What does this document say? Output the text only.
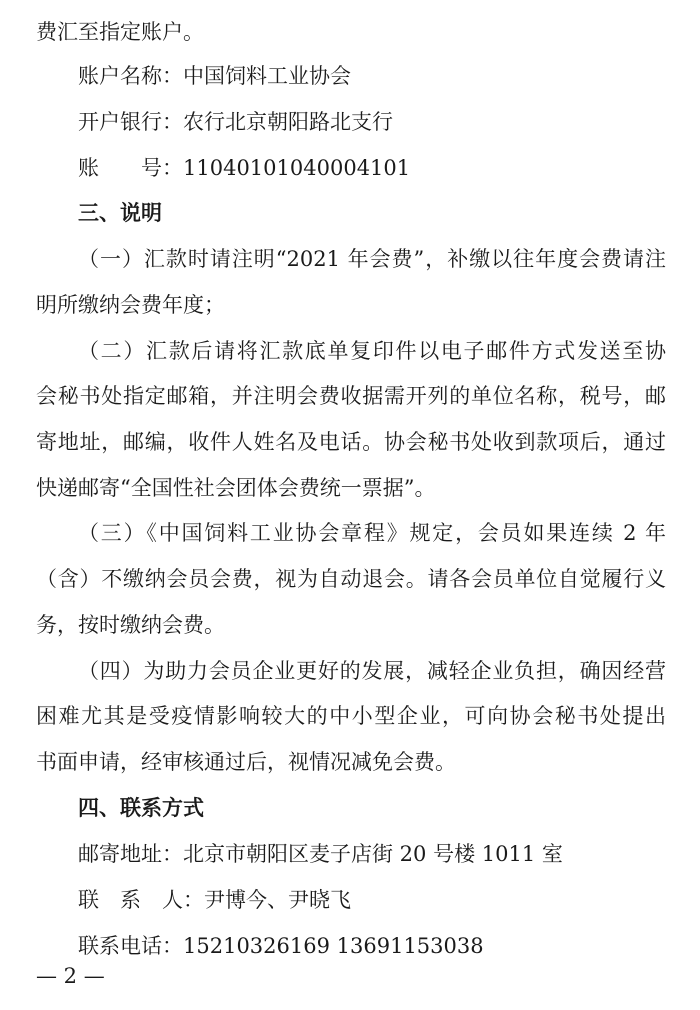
费汇至指定账户。
账户名称：中国饲料工业协会
开户银行：农行北京朝阳路北支行
账　　号：11040101040004101
三、说明
（一）汇款时请注明“2021 年会费”，补缴以往年度会费请注
明所缴纳会费年度；
（二）汇款后请将汇款底单复印件以电子邮件方式发送至协
会秘书处指定邮箱，并注明会费收据需开列的单位名称，税号，邮
寄地址，邮编，收件人姓名及电话。协会秘书处收到款项后，通过
快递邮寄“全国性社会团体会费统一票据”。
（三）《中国饲料工业协会章程》规定，会员如果连续 2 年
（含）不缴纳会员会费，视为自动退会。请各会员单位自觉履行义
务，按时缴纳会费。
（四）为助力会员企业更好的发展，减轻企业负担，确因经营
困难尤其是受疫情影响较大的中小型企业，可向协会秘书处提出
书面申请，经审核通过后，视情况减免会费。
四、联系方式
邮寄地址：北京市朝阳区麦子店街 20 号楼 1011 室
联　系　人：尹博今、尹晓飞
联系电话：15210326169 13691153038
— 2 —
